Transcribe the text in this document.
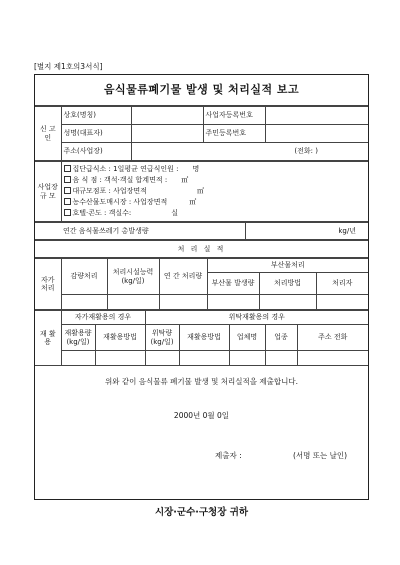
[별지 제1호의3서식]
음식물류폐기물 발생 및 처리실적 보고
신 고 인	상호(명칭)		사업자등록번호	
	성명(대표자)		주민등록번호	
	주소(사업장)	(전화: )		
사업장 규 모	
집단급식소 : 1일평균 연급식인원 : 명
음 식 점 : 객석·객실 합계면적 : ㎡
대규모점포 : 사업장면적	㎡
농수산물도매시장 : 사업장면적	㎡
호텔·콘도 : 객실수:	실
연간 음식물쓰레기 총발생량	kg/년
처 리 실 적
자가 처리	감량처리	처리시설능력 (kg/일)	연 간 처리량	부산물처리		
				부산물 발생량	처리방법	처리자

재 활 용	자가재활용의 경우		위탁재활용의 경우				
	재활용량 (kg/일)	재활용방법	위탁량 (kg/일)	재활용방법	업체명	업종	주소 전화

위와 같이 음식물류 폐기물 발생 및 처리실적을 제출합니다.
2000년 0월 0일
제출자 :	(서명 또는 날인)
시장·군수·구청장 귀하
